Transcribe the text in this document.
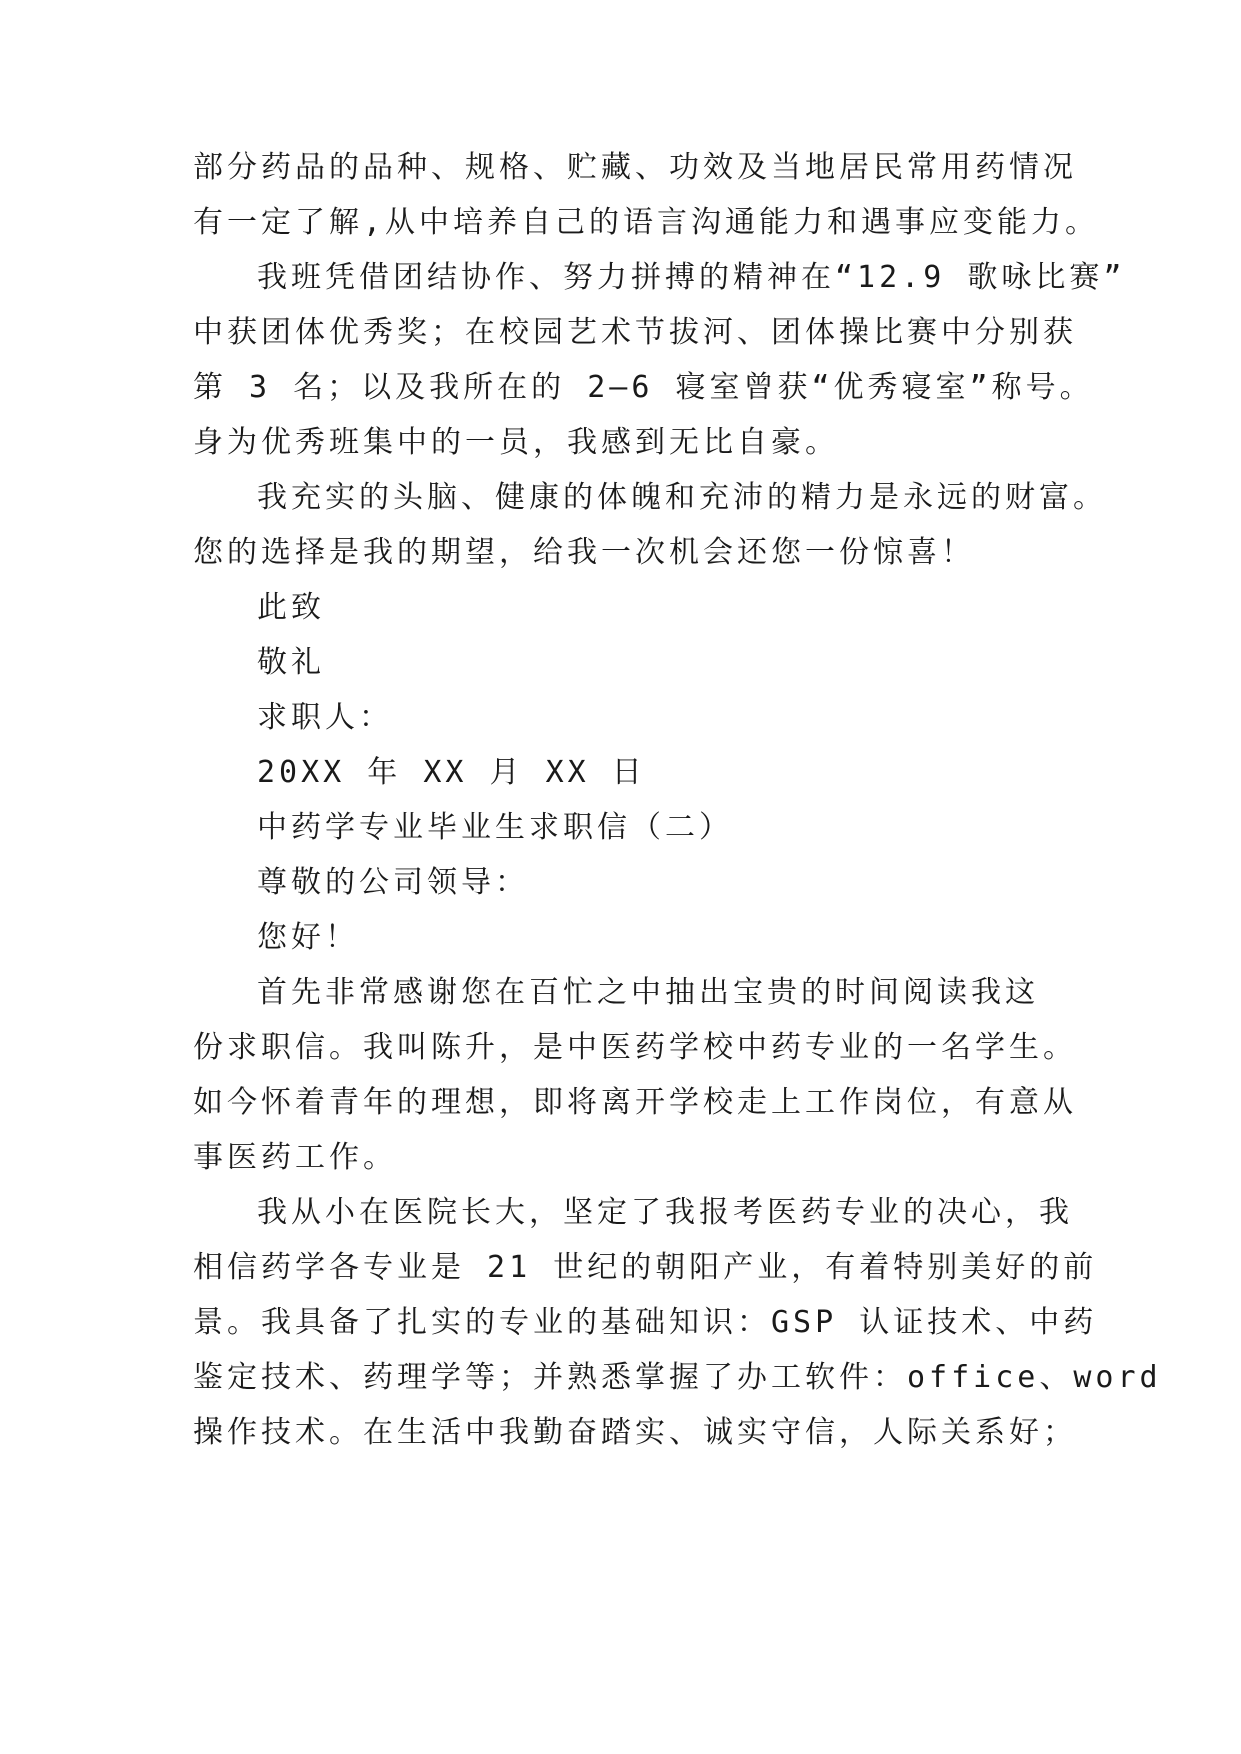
部分药品的品种、规格、贮藏、功效及当地居民常用药情况
有一定了解,从中培养自己的语言沟通能力和遇事应变能力。
我班凭借团结协作、努力拼搏的精神在“12.9 歌咏比赛”
中获团体优秀奖；在校园艺术节拔河、团体操比赛中分别获
第 3 名；以及我所在的 2—6 寝室曾获“优秀寝室”称号。
身为优秀班集中的一员，我感到无比自豪。
我充实的头脑、健康的体魄和充沛的精力是永远的财富。
您的选择是我的期望，给我一次机会还您一份惊喜！
此致
敬礼
求职人：
20XX 年 XX 月 XX 日
中药学专业毕业生求职信（二）
尊敬的公司领导：
您好！
首先非常感谢您在百忙之中抽出宝贵的时间阅读我这
份求职信。我叫陈升，是中医药学校中药专业的一名学生。
如今怀着青年的理想，即将离开学校走上工作岗位，有意从
事医药工作。
我从小在医院长大，坚定了我报考医药专业的决心，我
相信药学各专业是 21 世纪的朝阳产业，有着特别美好的前
景。我具备了扎实的专业的基础知识：GSP 认证技术、中药
鉴定技术、药理学等；并熟悉掌握了办工软件：office、word
操作技术。在生活中我勤奋踏实、诚实守信，人际关系好；
